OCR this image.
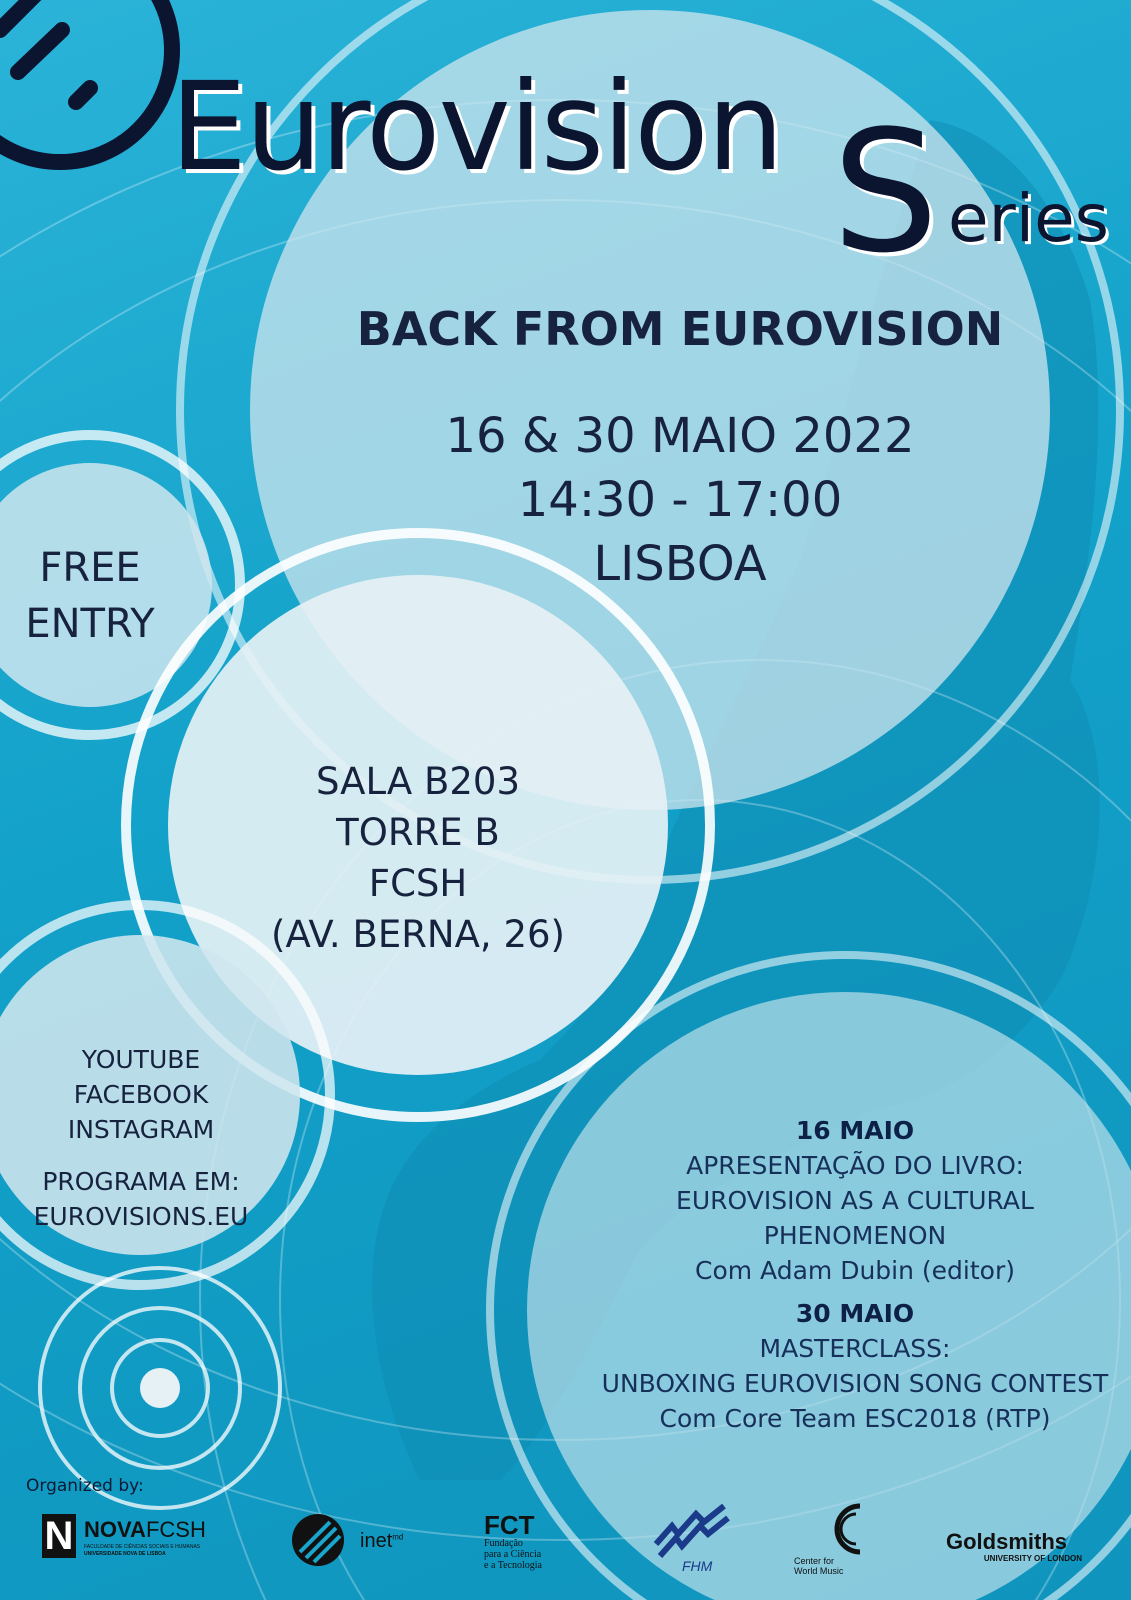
Eurovision S eries
BACK FROM EUROVISION
16 & 30 MAIO 2022
14:30 - 17:00
LISBOA
FREE
ENTRY
SALA B203
TORRE B
FCSH
(AV. BERNA, 26)
YOUTUBE
FACEBOOK
INSTAGRAM
PROGRAMA EM:
EUROVISIONS.EU
16 MAIO
APRESENTAÇÃO DO LIVRO:
EUROVISION AS A CULTURAL
PHENOMENON
Com Adam Dubin (editor)
30 MAIO
MASTERCLASS:
UNBOXING EUROVISION SONG CONTEST
Com Core Team ESC2018 (RTP)
Organized by:
N NOVAFCSH
FACULDADE DE CIÊNCIAS SOCIAIS E HUMANAS
UNIVERSIDADE NOVA DE LISBOA
inet$^{md}$	FCT
Fundação
para a Ciência
e a Tecnologia	FHM	Center for
World Music
Goldsmiths
UNIVERSITY OF LONDON
